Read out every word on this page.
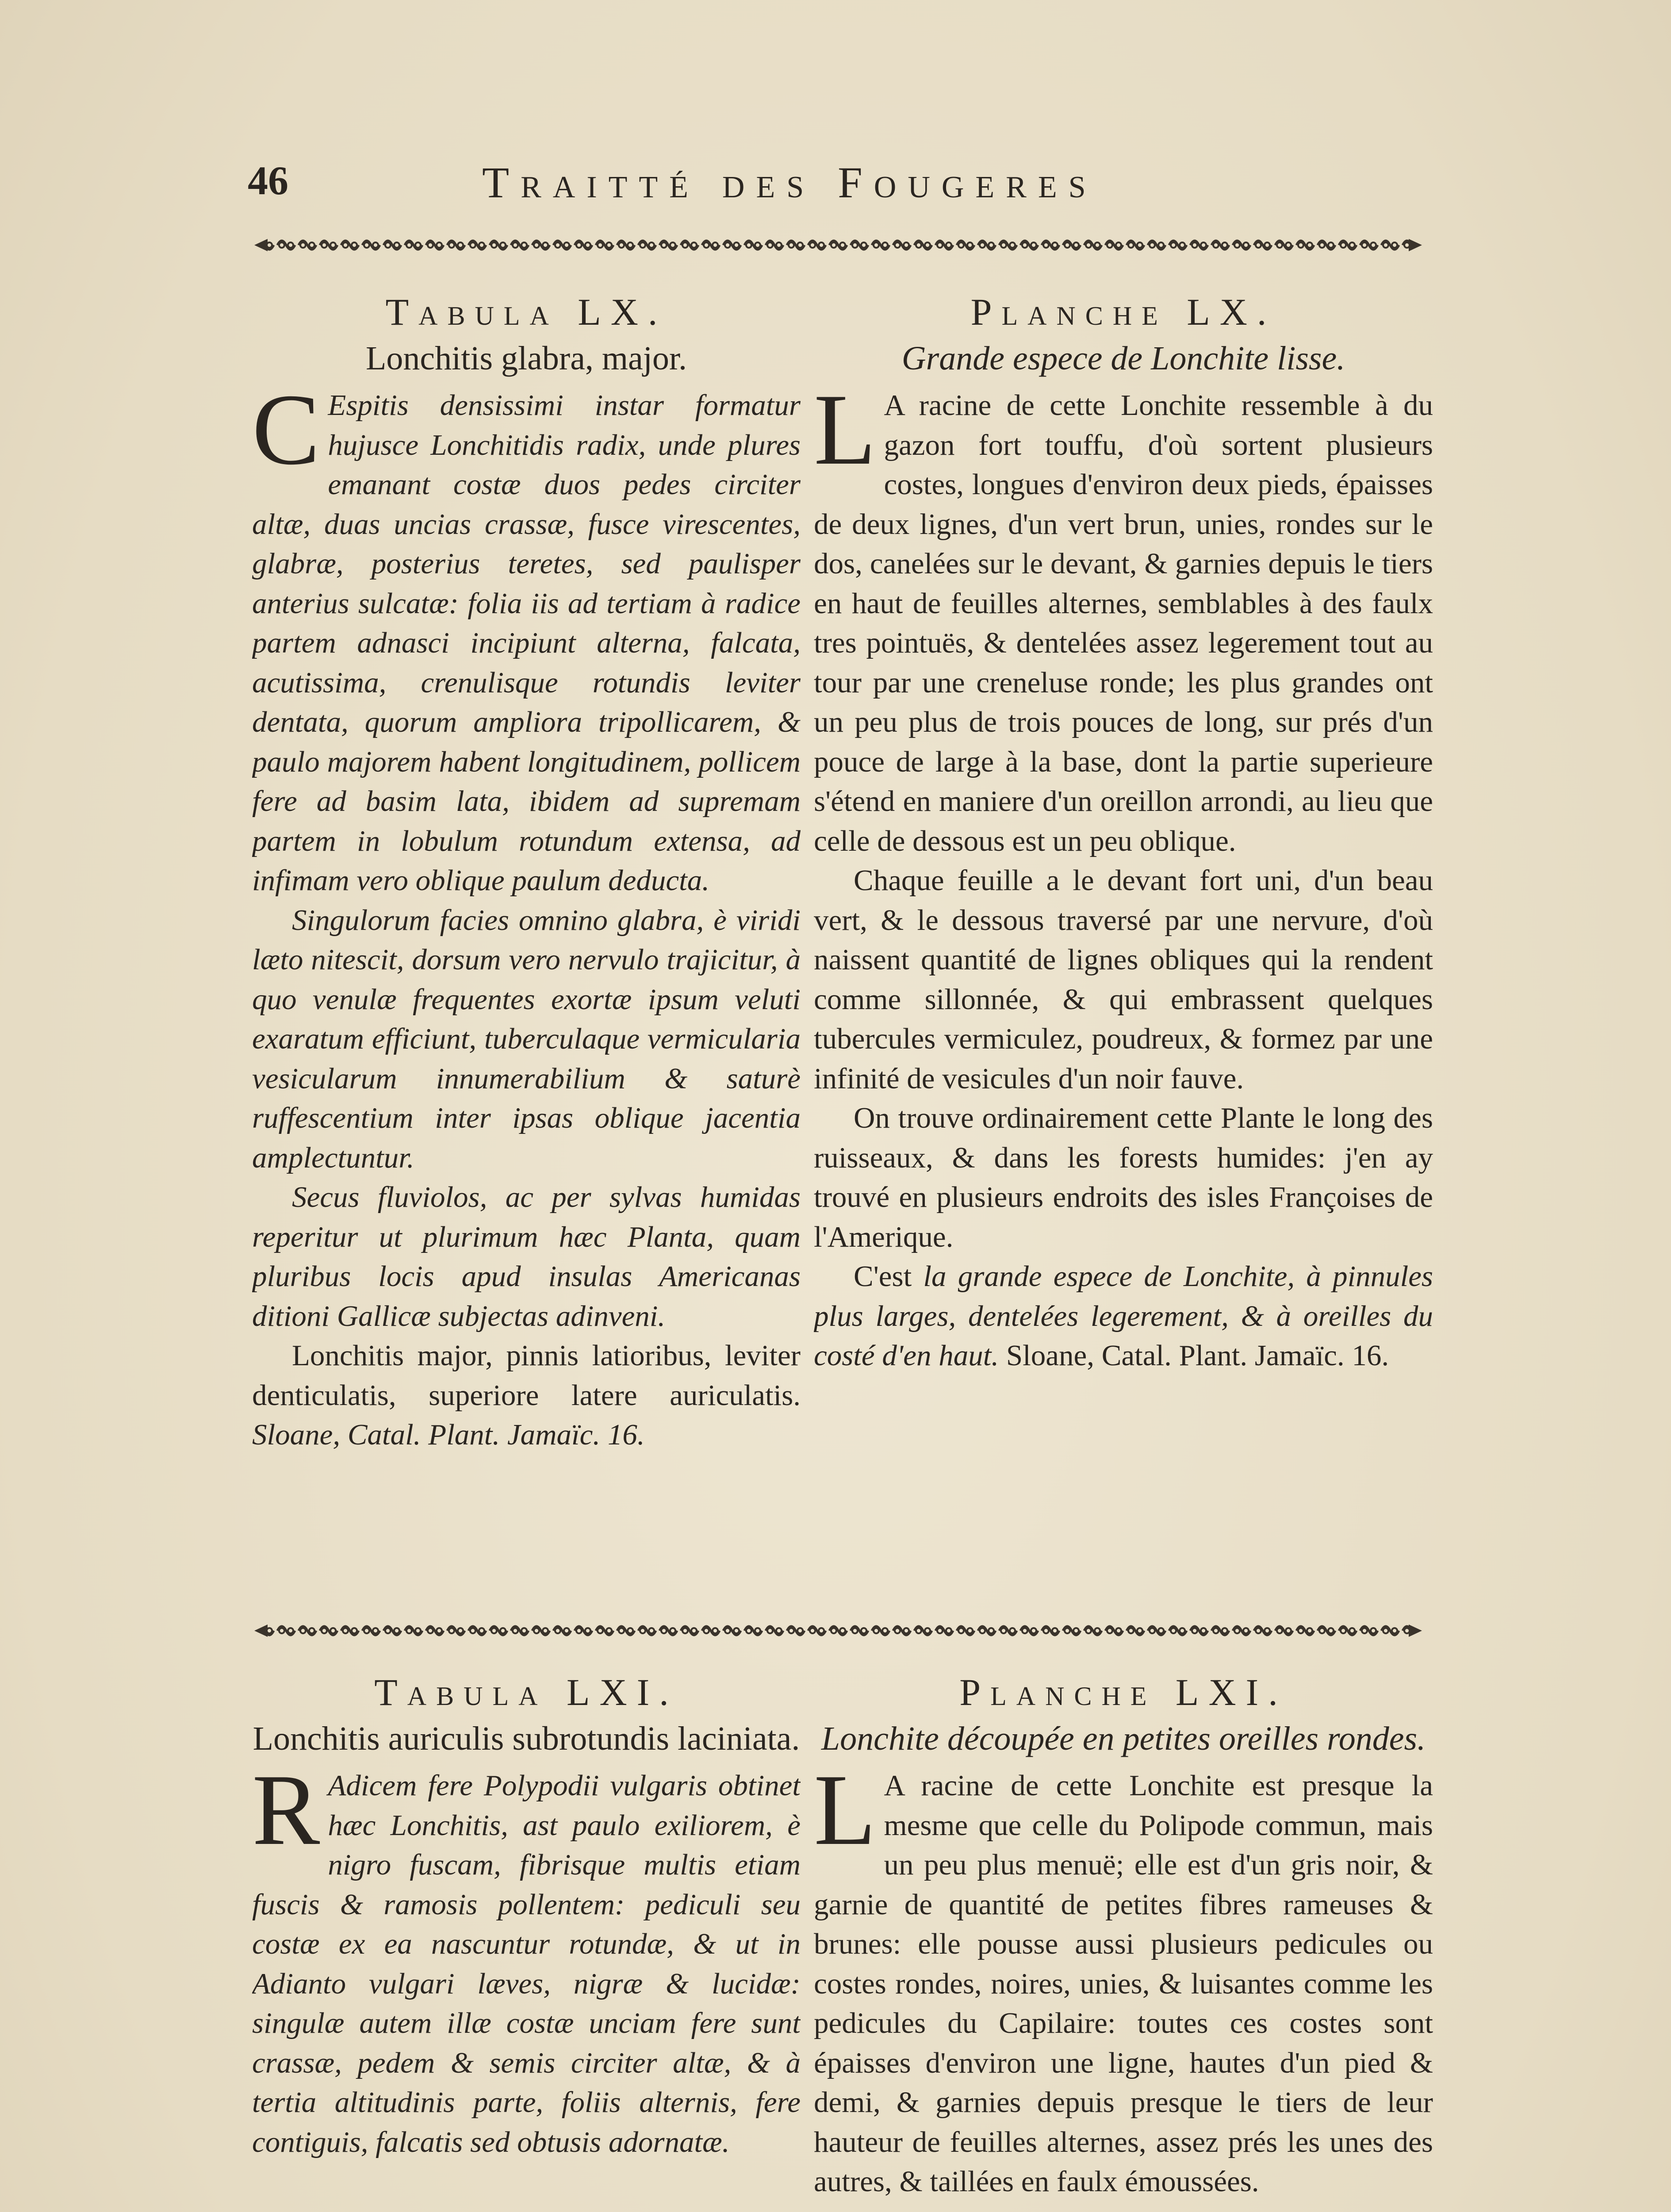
46	Traitté des Fougeres
Tabula LX.
Lonchitis glabra, major.
C Espitis densissimi instar formatur hujusce Lonchitidis radix, unde plures emanant costæ duos pedes circiter altæ, duas uncias crassæ, fusce virescentes, glabræ, posterius teretes, sed paulisper anterius sulcatæ: folia iis ad tertiam à radice partem adnasci incipiunt alterna, falcata, acutissima, crenulisque rotundis leviter dentata, quorum ampliora tripollicarem, & paulo majorem habent longitudinem, pollicem fere ad basim lata, ibidem ad supremam partem in lobulum rotundum extensa, ad infimam vero oblique paulum deducta.

Singulorum facies omnino glabra, è viridi læto nitescit, dorsum vero nervulo trajicitur, à quo venulæ frequentes exortæ ipsum veluti exaratum efficiunt, tuberculaque vermicularia vesicularum innumerabilium & saturè ruffescentium inter ipsas oblique jacentia amplectuntur.

Secus fluviolos, ac per sylvas humidas reperitur ut plurimum hæc Planta, quam pluribus locis apud insulas Americanas ditioni Gallicæ subjectas adinveni.

Lonchitis major, pinnis latioribus, leviter denticulatis, superiore latere auriculatis. Sloane, Catal. Plant. Jamaïc. 16.

Planche LX.
Grande espece de Lonchite lisse.
L A racine de cette Lonchite ressemble à du gazon fort touffu, d'où sortent plusieurs costes, longues d'environ deux pieds, épaisses de deux lignes, d'un vert brun, unies, rondes sur le dos, canelées sur le devant, & garnies depuis le tiers en haut de feuilles alternes, semblables à des faulx tres pointuës, & dentelées assez legerement tout au tour par une creneluse ronde; les plus grandes ont un peu plus de trois pouces de long, sur prés d'un pouce de large à la base, dont la partie superieure s'étend en maniere d'un oreillon arrondi, au lieu que celle de dessous est un peu oblique.

Chaque feuille a le devant fort uni, d'un beau vert, & le dessous traversé par une nervure, d'où naissent quantité de lignes obliques qui la rendent comme sillonnée, & qui embrassent quelques tubercules vermiculez, poudreux, & formez par une infinité de vesicules d'un noir fauve.

On trouve ordinairement cette Plante le long des ruisseaux, & dans les forests humides: j'en ay trouvé en plusieurs endroits des isles Françoises de l'Amerique.

C'est la grande espece de Lonchite, à pinnules plus larges, dentelées legerement, & à oreilles du costé d'en haut. Sloane, Catal. Plant. Jamaïc. 16.

Tabula LXI.
Lonchitis auriculis subrotundis laciniata.
R Adicem fere Polypodii vulgaris obtinet hæc Lonchitis, ast paulo exiliorem, è nigro fuscam, fibrisque multis etiam fuscis & ramosis pollentem: pediculi seu costæ ex ea nascuntur rotundæ, & ut in Adianto vulgari læves, nigræ & lucidæ: singulæ autem illæ costæ unciam fere sunt crassæ, pedem & semis circiter altæ, & à tertia altitudinis parte, foliis alternis, fere contiguis, falcatis sed obtusis adornatæ.

Planche LXI.
Lonchite découpée en petites oreilles rondes.
L A racine de cette Lonchite est presque la mesme que celle du Polipode commun, mais un peu plus menuë; elle est d'un gris noir, & garnie de quantité de petites fibres rameuses & brunes: elle pousse aussi plusieurs pedicules ou costes rondes, noires, unies, & luisantes comme les pedicules du Capilaire: toutes ces costes sont épaisses d'environ une ligne, hautes d'un pied & demi, & garnies depuis presque le tiers de leur hauteur de feuilles alternes, assez prés les unes des autres, & taillées en faulx émoussées.
